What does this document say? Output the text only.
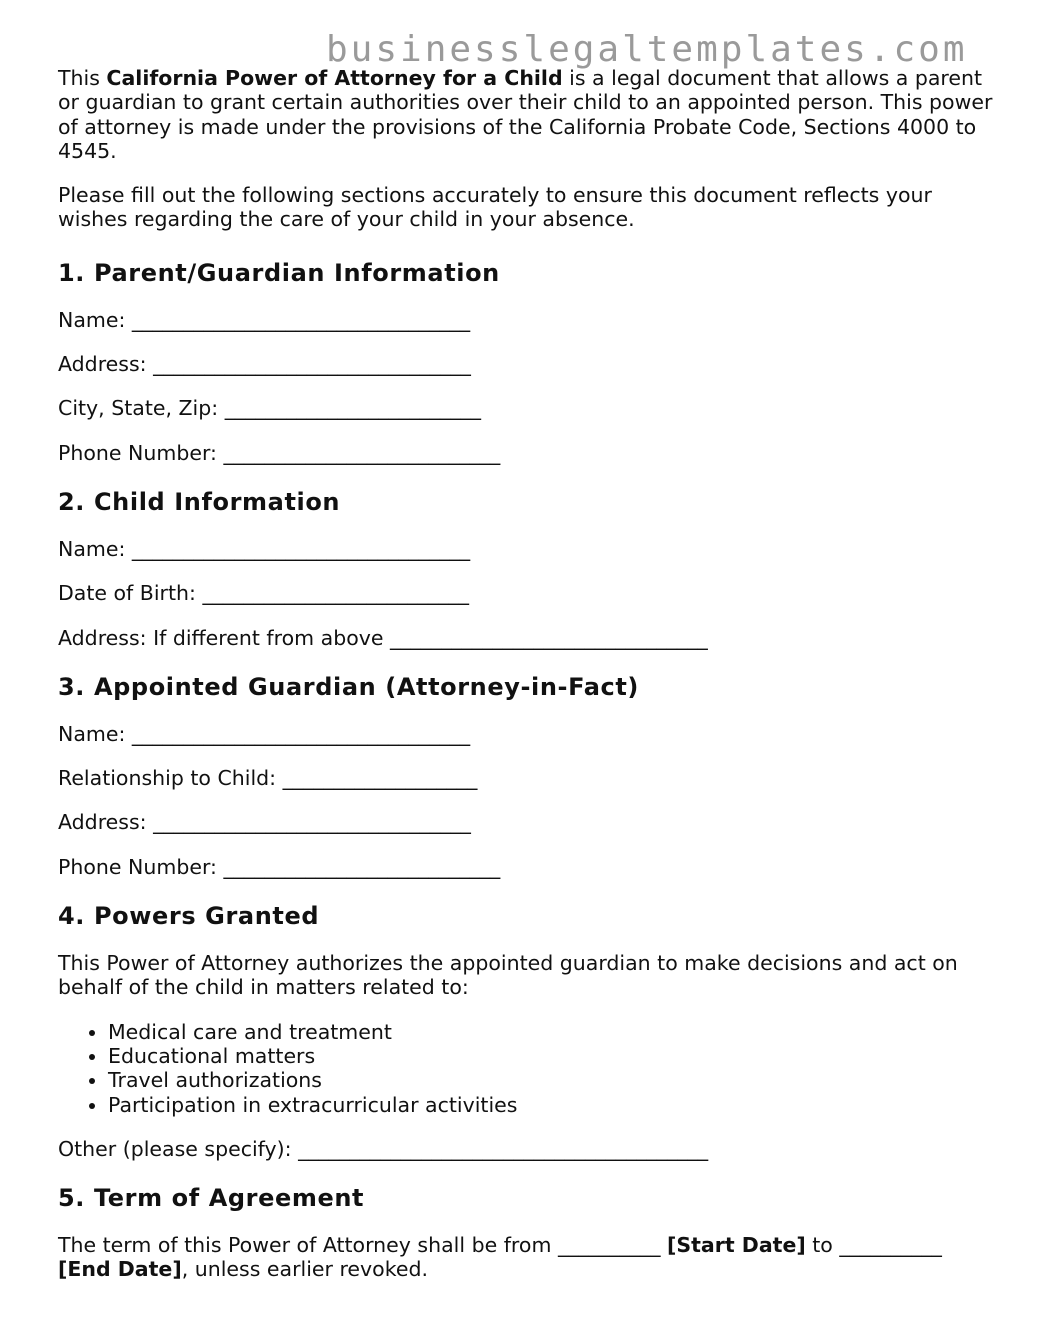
businesslegaltemplates.com

This California Power of Attorney for a Child is a legal document that allows a parent or guardian to grant certain authorities over their child to an appointed person. This power of attorney is made under the provisions of the California Probate Code, Sections 4000 to 4545.

Please fill out the following sections accurately to ensure this document reflects your wishes regarding the care of your child in your absence.

1. Parent/Guardian Information

Name: _________________________________

Address: _______________________________

City, State, Zip: _________________________

Phone Number: ___________________________

2. Child Information

Name: _________________________________

Date of Birth: __________________________

Address: If different from above _______________________________

3. Appointed Guardian (Attorney-in-Fact)

Name: _________________________________

Relationship to Child: ___________________

Address: _______________________________

Phone Number: ___________________________

4. Powers Granted

This Power of Attorney authorizes the appointed guardian to make decisions and act on behalf of the child in matters related to:

• Medical care and treatment
• Educational matters
• Travel authorizations
• Participation in extracurricular activities

Other (please specify): ________________________________________

5. Term of Agreement

The term of this Power of Attorney shall be from __________ [Start Date] to __________ [End Date], unless earlier revoked.
